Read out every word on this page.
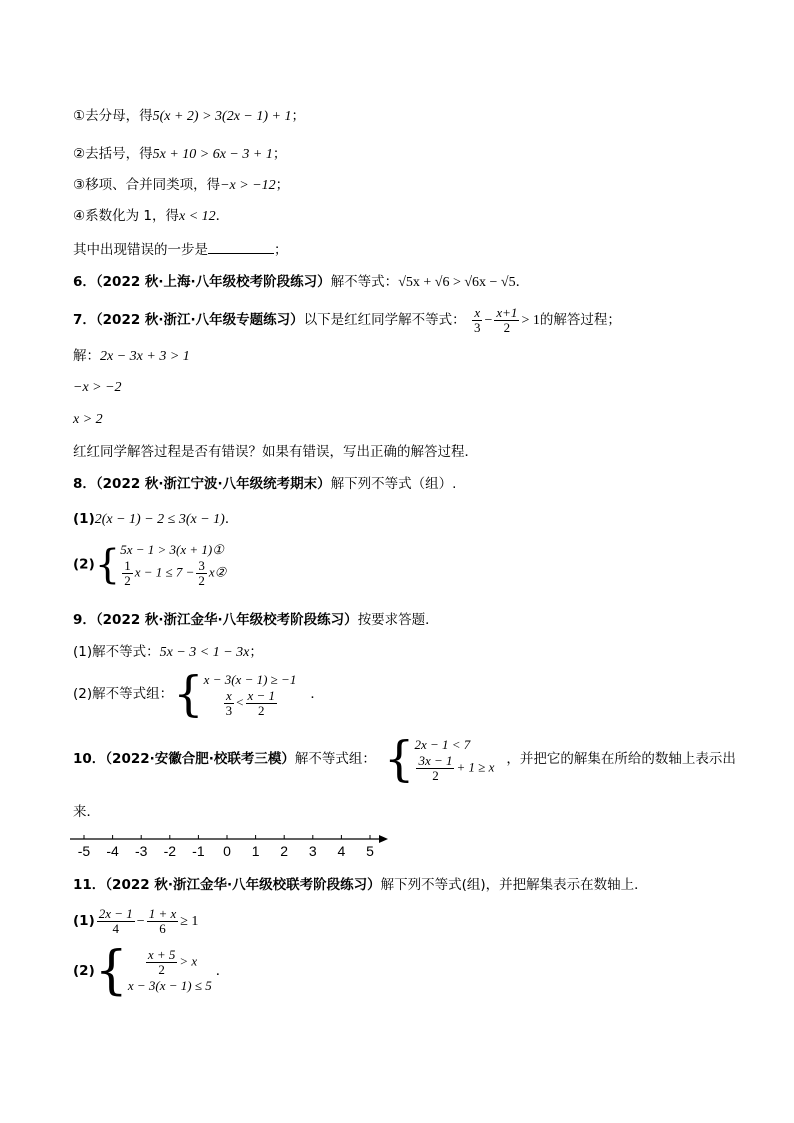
①去分母，得5(x + 2) > 3(2x − 1) + 1；
②去括号，得5x + 10 > 6x − 3 + 1；
③移项、合并同类项，得−x > −12；
④系数化为 1，得x < 12．
其中出现错误的一步是	；
6．（2022 秋·上海·八年级校考阶段练习）解不等式：√5x + √6 > √6x − √5．
7．（2022 秋·浙江·八年级专题练习）以下是红红同学解不等式： $\frac{x}{3} - \frac{x+1}{2} > 1$的解答过程；
解：2x − 3x + 3 > 1
−x > −2
x > 2
红红同学解答过程是否有错误？如果有错误，写出正确的解答过程．
8．（2022 秋·浙江宁波·八年级统考期末）解下列不等式（组）.
(1)2(x − 1) − 2 ≤ 3(x − 1)．
(2){ 5x − 1 > 3(x + 1)①
$\frac{1}{2}$ $x - 1 \le 7 - \frac{3}{2}$ x②
9．（2022 秋·浙江金华·八年级校考阶段练习）按要求答题．
(1)解不等式：5x − 3 < 1 − 3x；
(2)解不等式组：{ x − 3(x − 1) ≥ −1
$\frac{x}{3} < \frac{x - 1}{2}$ ．
10．（2022·安徽合肥·校联考三模）解不等式组： { 2x − 1 < 7
$\frac{3x - 1}{2} + 1 \ge x$ ，并把它的解集在所给的数轴上表示出
来．
-5	-4	-3	-2	-1	0	1	2	3	4	5
11．（2022 秋·浙江金华·八年级校联考阶段练习）解下列不等式(组)，并把解集表示在数轴上．
$(1) \frac{2x - 1}{4} - \frac{1 + x}{6} \ge 1$
$(2)\{ \frac{x + 5}{2} > x$
x − 3(x − 1) ≤ 5
．
